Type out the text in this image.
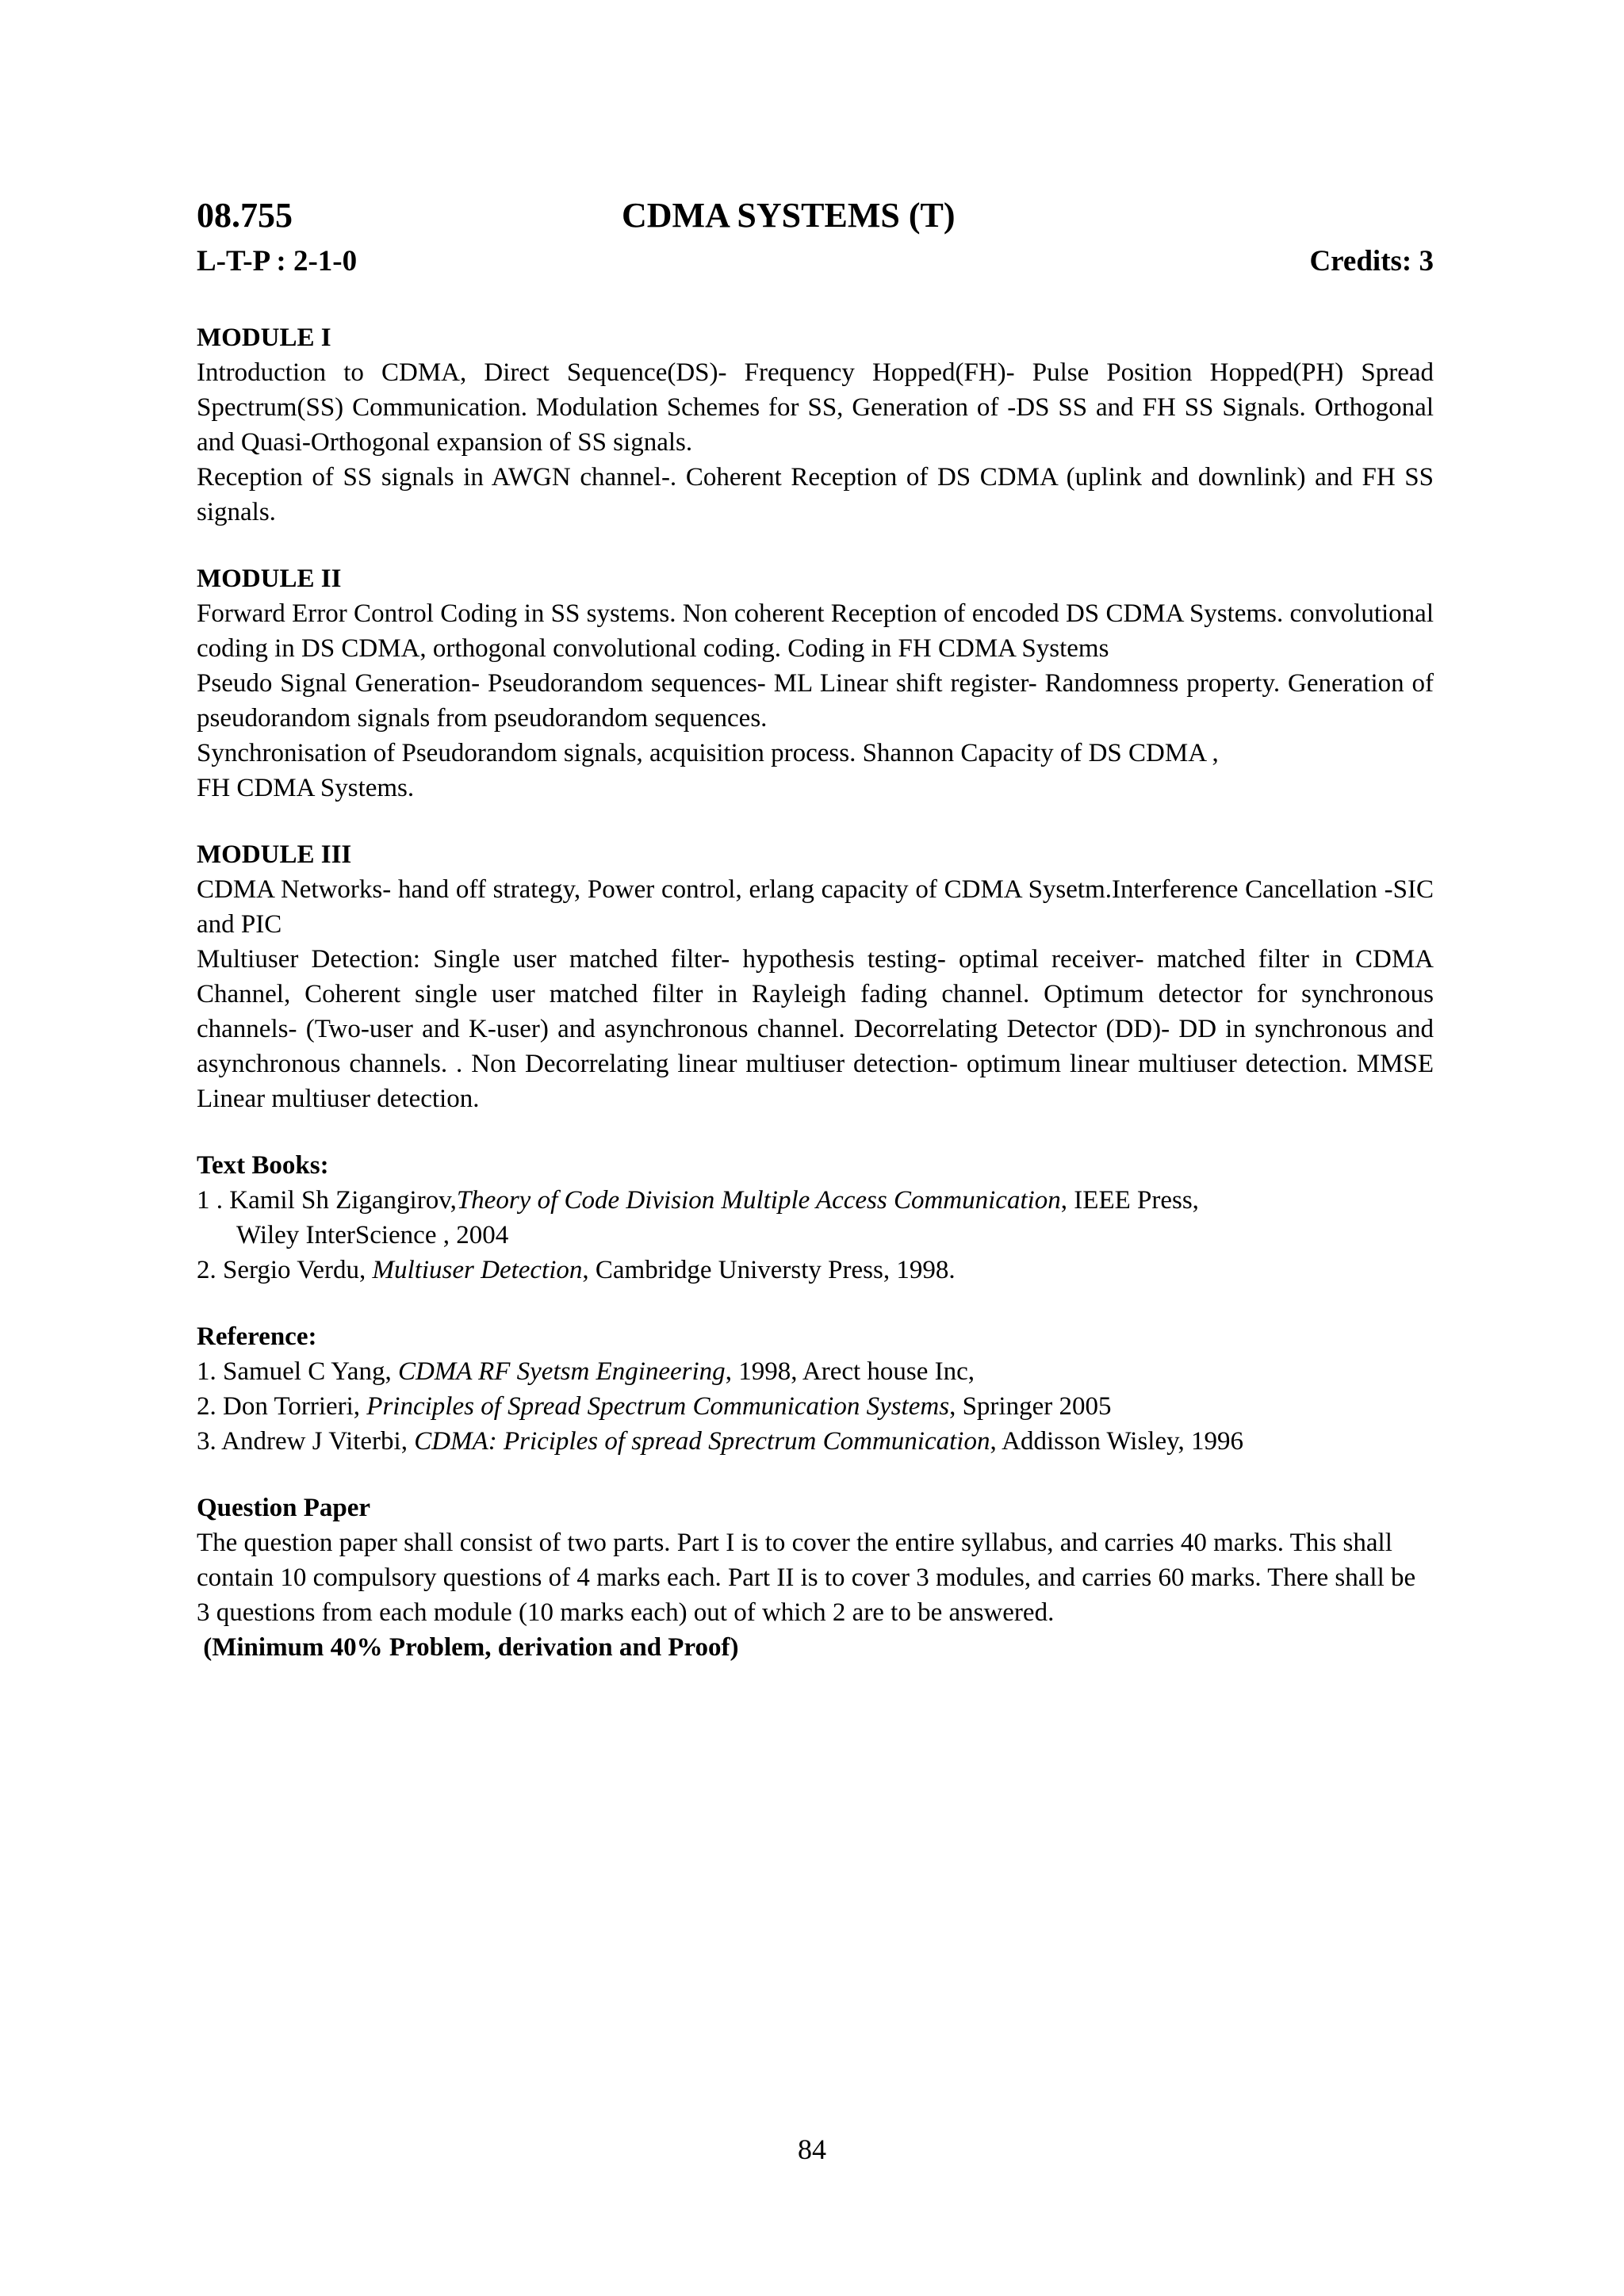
08.755	CDMA SYSTEMS (T)
L-T-P : 2-1-0	Credits: 3
MODULE I

Introduction to CDMA, Direct Sequence(DS)- Frequency Hopped(FH)- Pulse Position Hopped(PH) Spread Spectrum(SS) Communication. Modulation Schemes for SS, Generation of -DS SS and FH SS Signals. Orthogonal and Quasi-Orthogonal expansion of SS signals.

Reception of SS signals in AWGN channel-. Coherent Reception of DS CDMA (uplink and downlink) and FH SS signals.

MODULE II

Forward Error Control Coding in SS systems. Non coherent Reception of encoded DS CDMA Systems. convolutional coding in DS CDMA, orthogonal convolutional coding. Coding in FH CDMA Systems

Pseudo Signal Generation- Pseudorandom sequences- ML Linear shift register- Randomness property. Generation of pseudorandom signals from pseudorandom sequences.

Synchronisation of Pseudorandom signals, acquisition process. Shannon Capacity of DS CDMA ,

FH CDMA Systems.

MODULE III

CDMA Networks- hand off strategy, Power control, erlang capacity of CDMA Sysetm.Interference Cancellation -SIC and PIC

Multiuser Detection: Single user matched filter- hypothesis testing- optimal receiver- matched filter in CDMA Channel, Coherent single user matched filter in Rayleigh fading channel. Optimum detector for synchronous channels- (Two-user and K-user) and asynchronous channel. Decorrelating Detector (DD)- DD in synchronous and asynchronous channels. . Non Decorrelating linear multiuser detection- optimum linear multiuser detection. MMSE Linear multiuser detection.

Text Books:

1 . Kamil Sh Zigangirov,Theory of Code Division Multiple Access Communication, IEEE Press,

Wiley InterScience , 2004

2. Sergio Verdu, Multiuser Detection, Cambridge Universty Press, 1998.

Reference:

1. Samuel C Yang, CDMA RF Syetsm Engineering, 1998, Arect house Inc,

2. Don Torrieri, Principles of Spread Spectrum Communication Systems, Springer 2005

3. Andrew J Viterbi, CDMA: Priciples of spread Sprectrum Communication, Addisson Wisley, 1996

Question Paper

The question paper shall consist of two parts. Part I is to cover the entire syllabus, and carries 40 marks. This shall contain 10 compulsory questions of 4 marks each. Part II is to cover 3 modules, and carries 60 marks. There shall be 3 questions from each module (10 marks each) out of which 2 are to be answered.

(Minimum 40% Problem, derivation and Proof)

84
